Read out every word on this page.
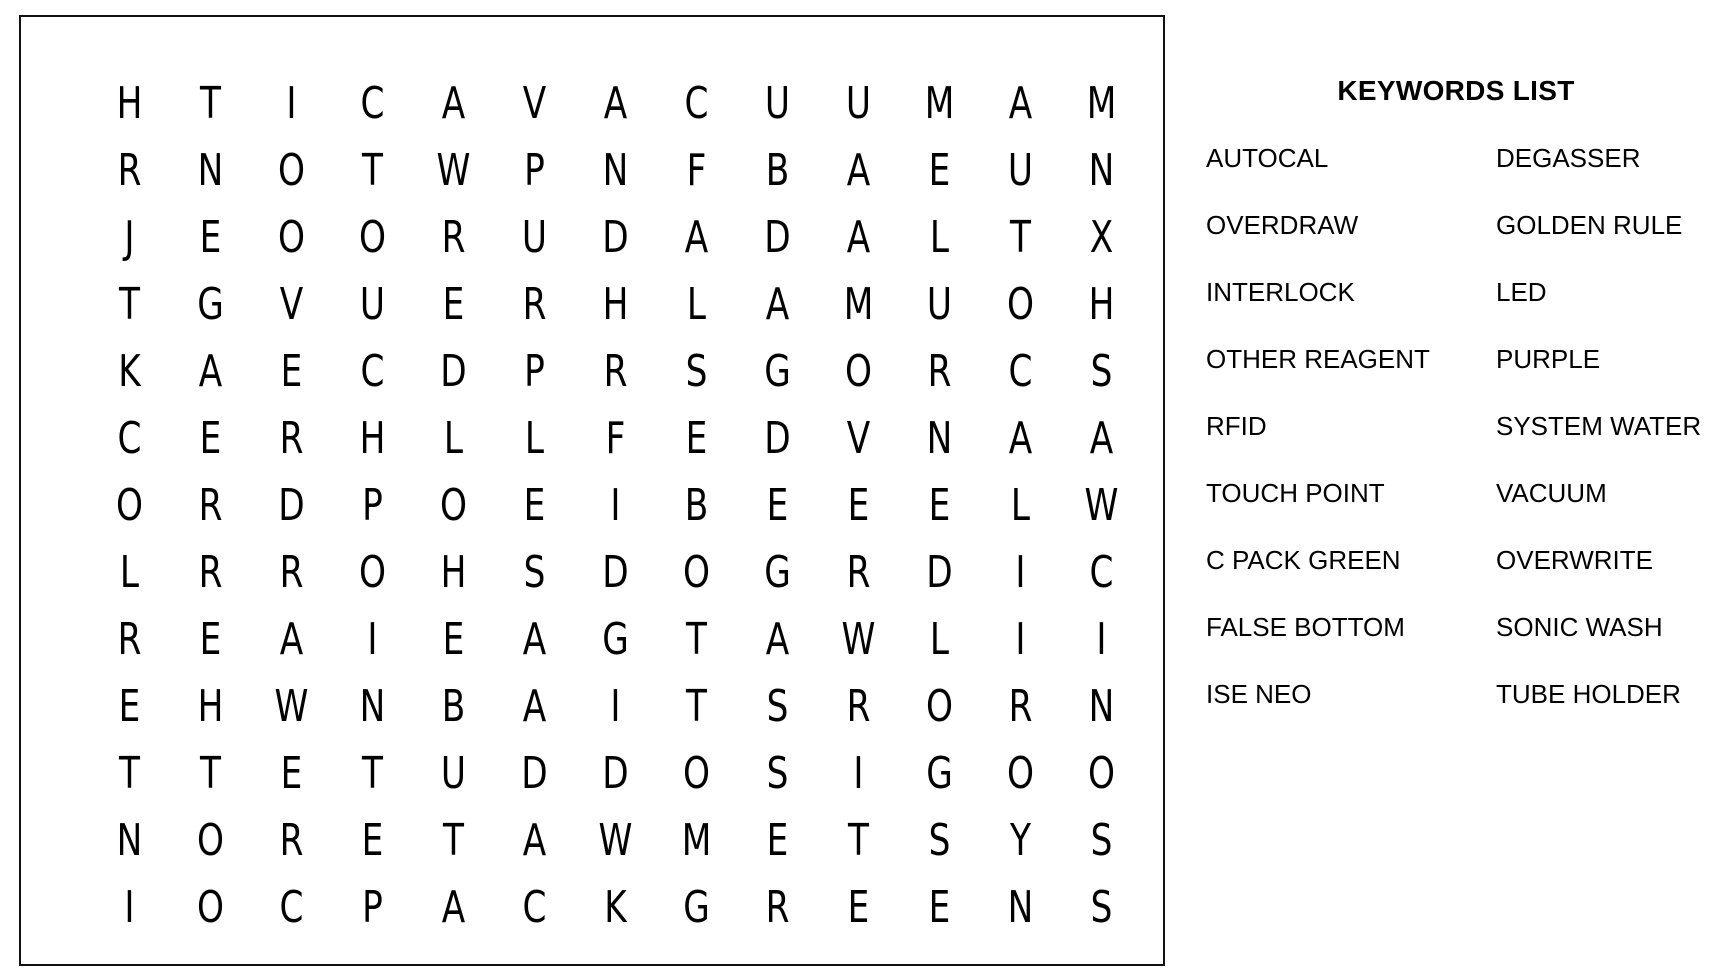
H	T	I	C	A	V	A	C	U	U	M	A	M
R	N	O	T	W	P	N	F	B	A	E	U	N
J	E	O	O	R	U	D	A	D	A	L	T	X
T	G	V	U	E	R	H	L	A	M	U	O	H
K	A	E	C	D	P	R	S	G	O	R	C	S
C	E	R	H	L	L	F	E	D	V	N	A	A
O	R	D	P	O	E	I	B	E	E	E	L	W
L	R	R	O	H	S	D	O	G	R	D	I	C
R	E	A	I	E	A	G	T	A	W	L	I	I
E	H	W	N	B	A	I	T	S	R	O	R	N
T	T	E	T	U	D	D	O	S	I	G	O	O
N	O	R	E	T	A	W	M	E	T	S	Y	S
I	O	C	P	A	C	K	G	R	E	E	N	S
KEYWORDS LIST
AUTOCAL	DEGASSER
OVERDRAW	GOLDEN RULE
INTERLOCK	LED
OTHER REAGENT	PURPLE
RFID	SYSTEM WATER
TOUCH POINT	VACUUM
C PACK GREEN	OVERWRITE
FALSE BOTTOM	SONIC WASH
ISE NEO	TUBE HOLDER
